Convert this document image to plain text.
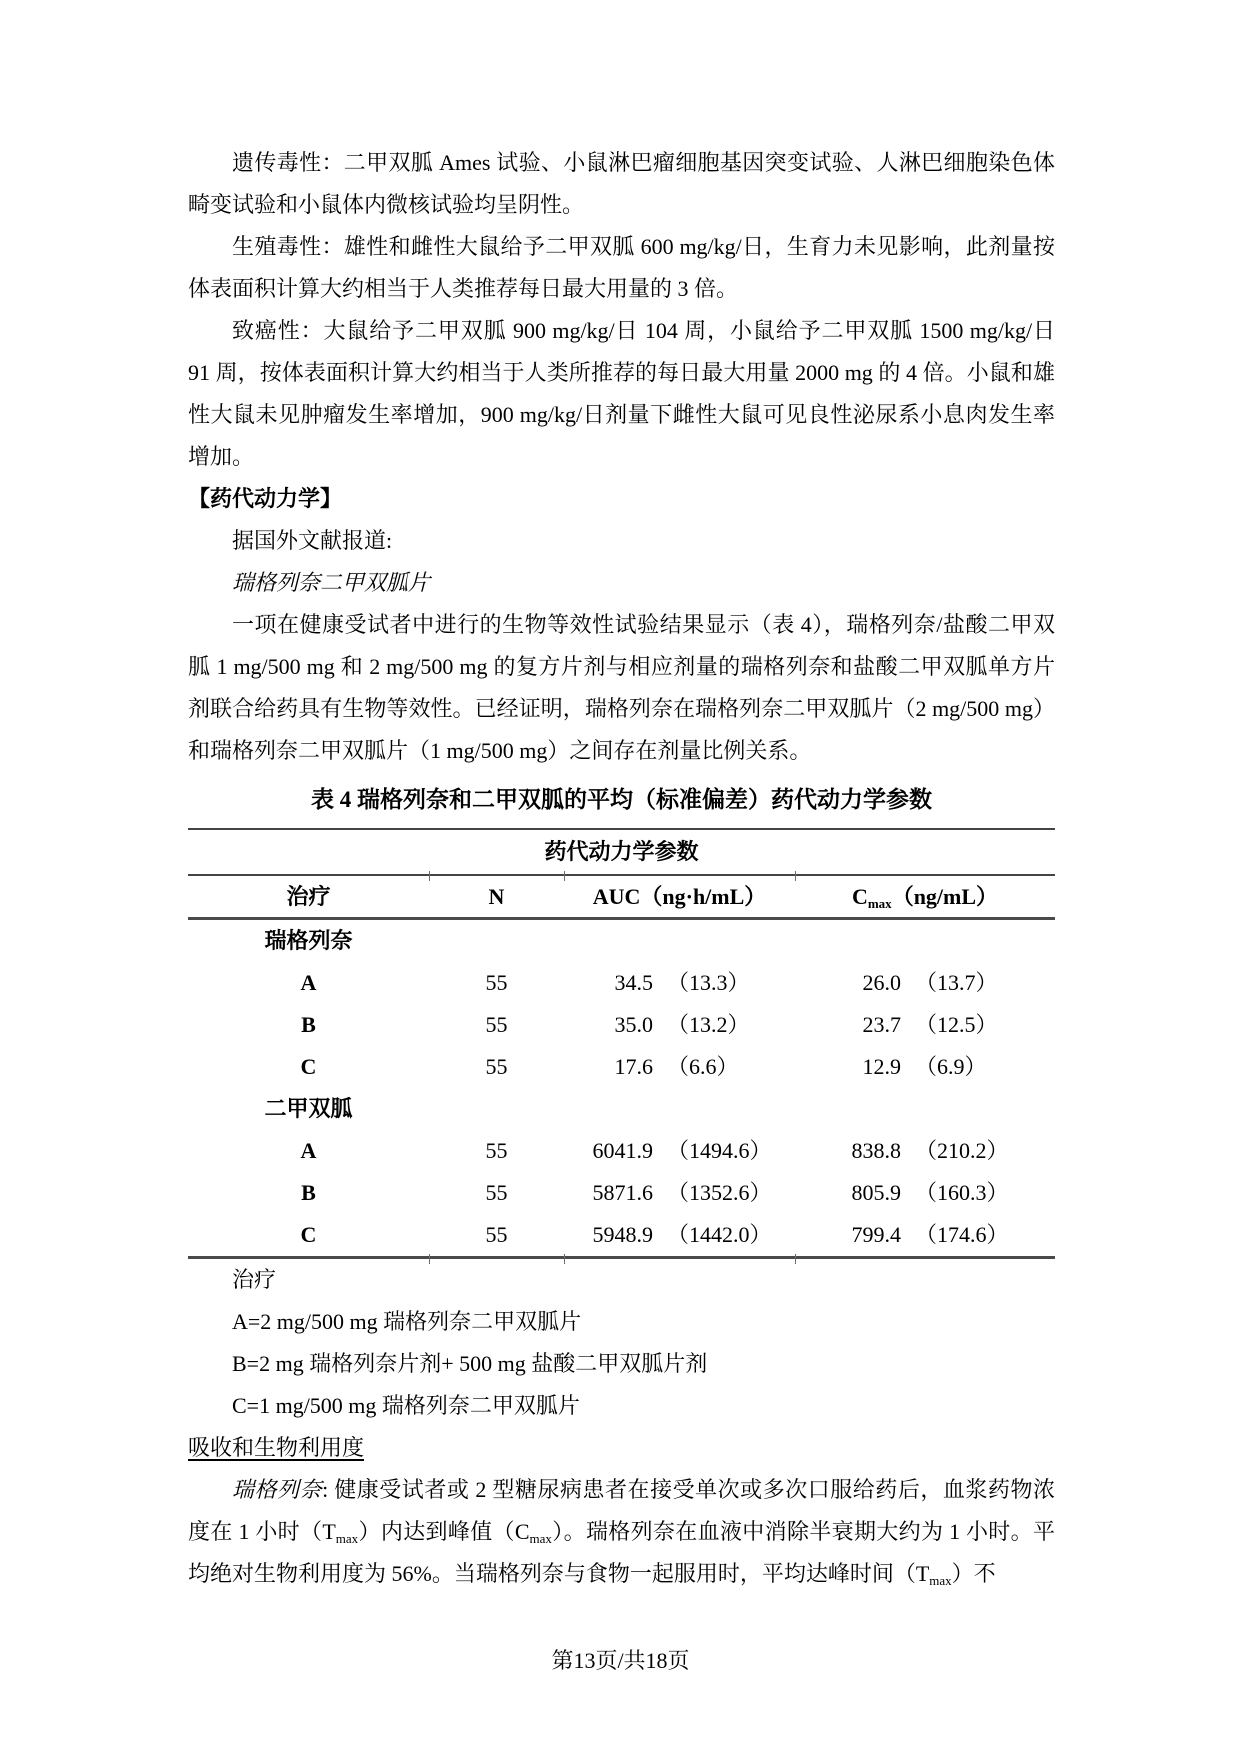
遗传毒性：二甲双胍 Ames 试验、小鼠淋巴瘤细胞基因突变试验、人淋巴细胞染色体畸变试验和小鼠体内微核试验均呈阴性。

生殖毒性：雄性和雌性大鼠给予二甲双胍 600 mg/kg/日，生育力未见影响，此剂量按体表面积计算大约相当于人类推荐每日最大用量的 3 倍。

致癌性：大鼠给予二甲双胍 900 mg/kg/日 104 周，小鼠给予二甲双胍 1500 mg/kg/日 91 周，按体表面积计算大约相当于人类所推荐的每日最大用量 2000 mg 的 4 倍。小鼠和雄性大鼠未见肿瘤发生率增加，900 mg/kg/日剂量下雌性大鼠可见良性泌尿系小息肉发生率增加。

【药代动力学】

据国外文献报道:

瑞格列奈二甲双胍片

一项在健康受试者中进行的生物等效性试验结果显示（表 4），瑞格列奈/盐酸二甲双胍 1 mg/500 mg 和 2 mg/500 mg 的复方片剂与相应剂量的瑞格列奈和盐酸二甲双胍单方片剂联合给药具有生物等效性。已经证明，瑞格列奈在瑞格列奈二甲双胍片（2 mg/500 mg）和瑞格列奈二甲双胍片（1 mg/500 mg）之间存在剂量比例关系。

表 4 瑞格列奈和二甲双胍的平均（标准偏差）药代动力学参数

药代动力学参数
治疗	N	AUC（ng·h/mL）	$C_{max}(ng/mL)$
瑞格列奈
A	55	34.5 （13.3）	26.0 （13.7）
B	55	35.0 （13.2）	23.7 （12.5）
C	55	17.6 （6.6）	12.9 （6.9）
二甲双胍
A	55	6041.9 （1494.6）	838.8 （210.2）
B	55	5871.6 （1352.6）	805.9 （160.3）
C	55	5948.9 （1442.0）	799.4 （174.6）

治疗

A=2 mg/500 mg 瑞格列奈二甲双胍片

B=2 mg 瑞格列奈片剂+ 500 mg 盐酸二甲双胍片剂

C=1 mg/500 mg 瑞格列奈二甲双胍片

吸收和生物利用度

瑞格列奈: 健康受试者或 2 型糖尿病患者在接受单次或多次口服给药后，血浆药物浓度在 1 小时$(T_{max})$内达到峰值$(C_{max})$。瑞格列奈在血液中消除半衰期大约为 1 小时。平均绝对生物利用度为 56%。当瑞格列奈与食物一起服用时，平均达峰时间$(T_{max})$不

第13页/共18页
